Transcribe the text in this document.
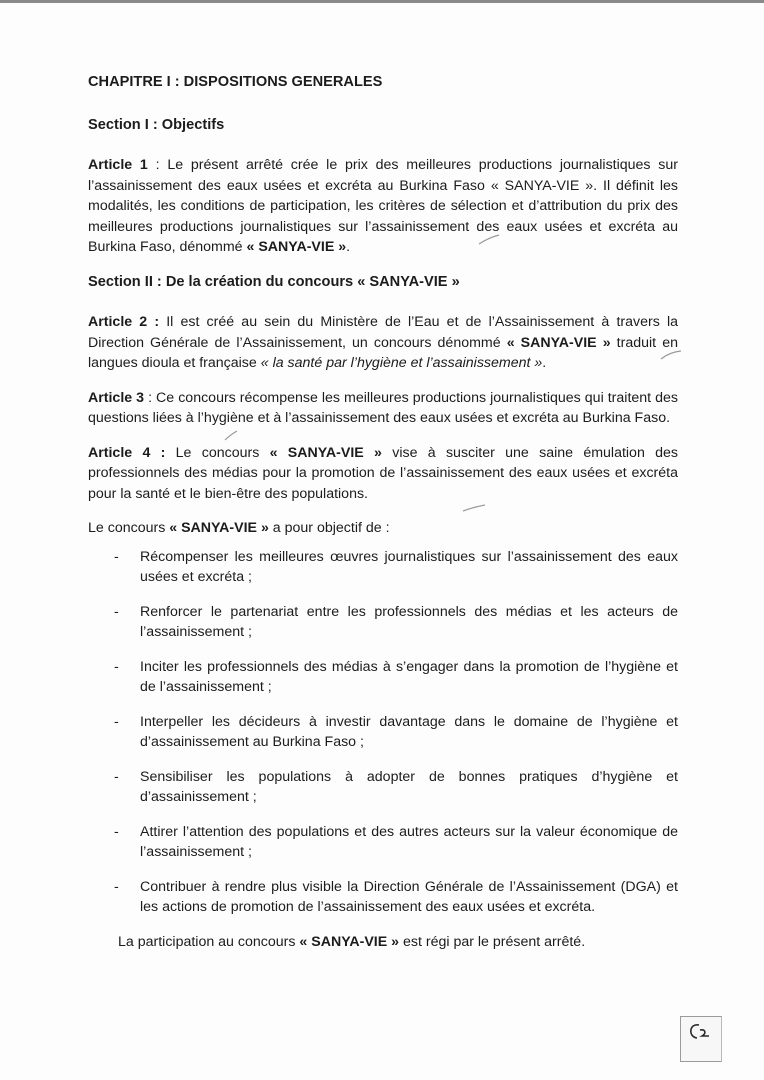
CHAPITRE I : DISPOSITIONS GENERALES
Section I : Objectifs

Article 1 : Le présent arrêté crée le prix des meilleures productions journalistiques sur l’assainissement des eaux usées et excréta au Burkina Faso « SANYA-VIE ». Il définit les modalités, les conditions de participation, les critères de sélection et d’attribution du prix des meilleures productions journalistiques sur l’assainissement des eaux usées et excréta au Burkina Faso, dénommé « SANYA-VIE ».

Section II : De la création du concours « SANYA-VIE »

Article 2 : Il est créé au sein du Ministère de l’Eau et de l’Assainissement à travers la Direction Générale de l’Assainissement, un concours dénommé « SANYA-VIE » traduit en langues dioula et française « la santé par l’hygiène et l’assainissement ».

Article 3 : Ce concours récompense les meilleures productions journalistiques qui traitent des questions liées à l’hygiène et à l’assainissement des eaux usées et excréta au Burkina Faso.

Article 4 : Le concours « SANYA-VIE » vise à susciter une saine émulation des professionnels des médias pour la promotion de l’assainissement des eaux usées et excréta pour la santé et le bien-être des populations.

Le concours « SANYA-VIE » a pour objectif de :

- Récompenser les meilleures œuvres journalistiques sur l’assainissement des eaux usées et excréta ;
- Renforcer le partenariat entre les professionnels des médias et les acteurs de l’assainissement ;
- Inciter les professionnels des médias à s’engager dans la promotion de l’hygiène et de l’assainissement ;
- Interpeller les décideurs à investir davantage dans le domaine de l’hygiène et d’assainissement au Burkina Faso ;
- Sensibiliser les populations à adopter de bonnes pratiques d’hygiène et d’assainissement ;
- Attirer l’attention des populations et des autres acteurs sur la valeur économique de l’assainissement ;
- Contribuer à rendre plus visible la Direction Générale de l’Assainissement (DGA) et les actions de promotion de l’assainissement des eaux usées et excréta.

La participation au concours « SANYA-VIE » est régi par le présent arrêté.
